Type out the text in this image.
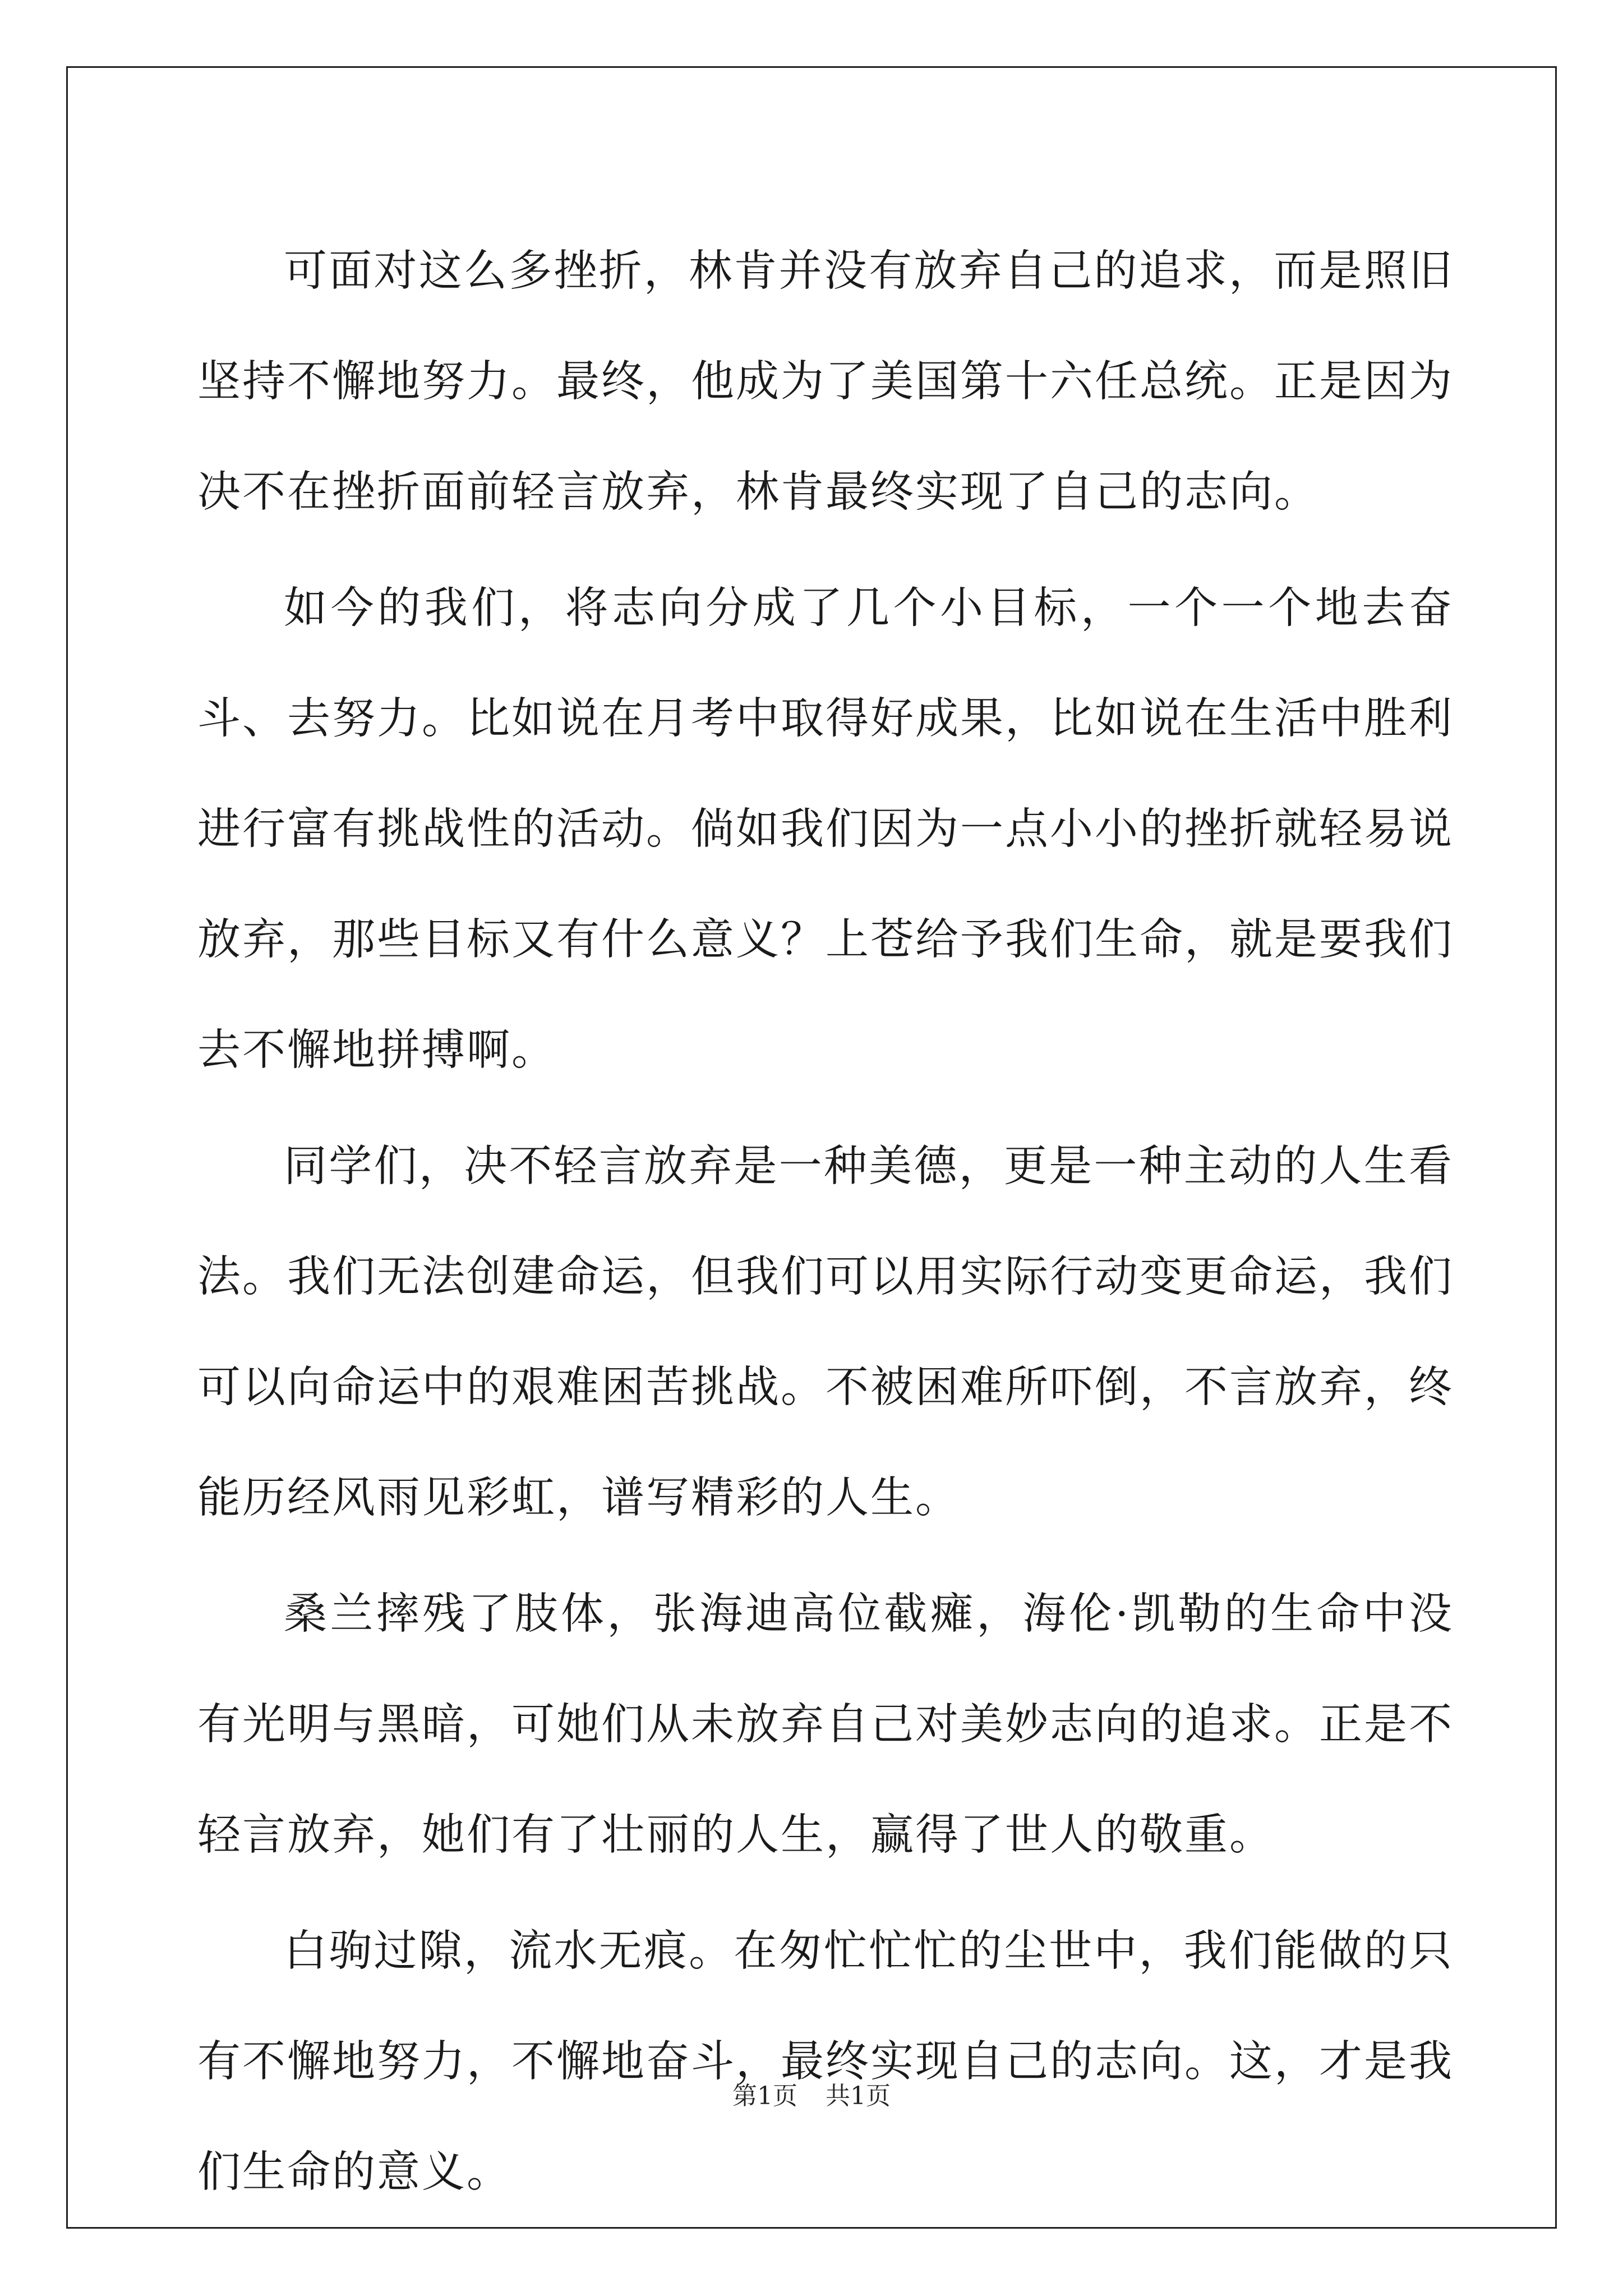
可面对这么多挫折，林肯并没有放弃自己的追求，而是照旧坚持不懈地努力。最终，他成为了美国第十六任总统。正是因为决不在挫折面前轻言放弃，林肯最终实现了自己的志向。

如今的我们，将志向分成了几个小目标，一个一个地去奋斗、去努力。比如说在月考中取得好成果，比如说在生活中胜利进行富有挑战性的活动。倘如我们因为一点小小的挫折就轻易说放弃，那些目标又有什么意义？上苍给予我们生命，就是要我们去不懈地拼搏啊。

同学们，决不轻言放弃是一种美德，更是一种主动的人生看法。我们无法创建命运，但我们可以用实际行动变更命运，我们可以向命运中的艰难困苦挑战。不被困难所吓倒，不言放弃，终能历经风雨见彩虹，谱写精彩的人生。

桑兰摔残了肢体，张海迪高位截瘫，海伦·凯勒的生命中没有光明与黑暗，可她们从未放弃自己对美妙志向的追求。正是不轻言放弃，她们有了壮丽的人生，赢得了世人的敬重。

白驹过隙，流水无痕。在匆忙忙忙的尘世中，我们能做的只有不懈地努力，不懈地奋斗，最终实现自己的志向。这，才是我们生命的意义。

第1页 共1页
